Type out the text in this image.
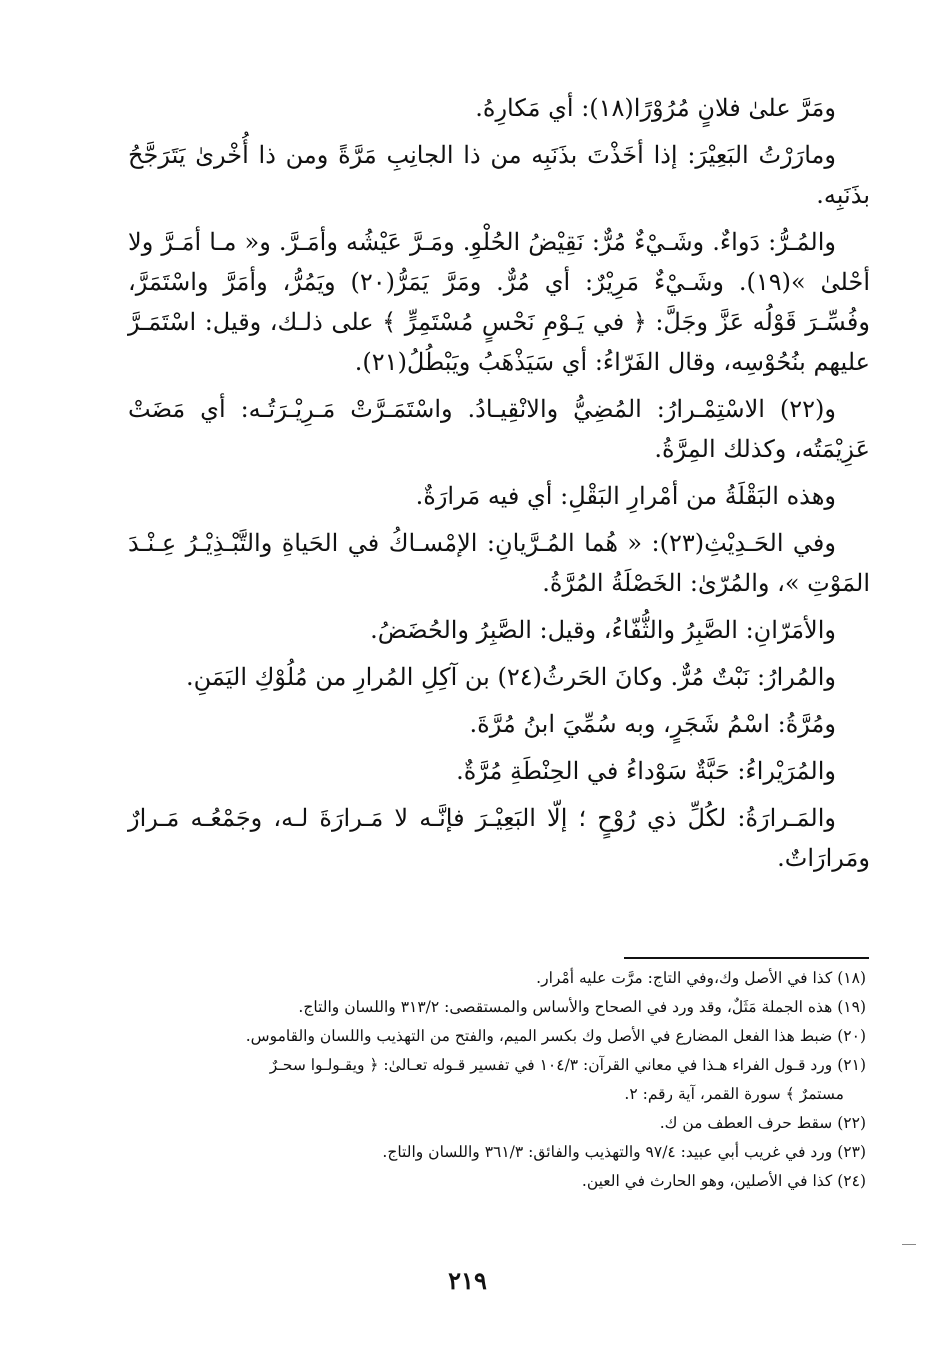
ومَرَّ علىٰ فلانٍ مُرُوْرًا(١٨): أي مَكارِهُ.

ومارَرْتُ البَعِيْرَ: إذا أخَذْتَ بذَنَبِه من ذا الجانِبِ مَرَّةً ومن ذا أُخْرىٰ يَتَرَجَّحُ بذَنَبِه.

والمُـرُّ: دَواءٌ. وشَـيْءٌ مُرٌّ: نَقِيْضُ الحُلْوِ. ومَـرَّ عَيْشُه وأمَـرَّ. و« مـا أمَـرَّ ولا أحْلىٰ »(١٩). وشَـيْءٌ مَرِيْرٌ: أي مُرٌّ. ومَرَّ يَمَرُّ(٢٠) ويَمُرُّ، وأمَرَّ واسْتَمَرَّ، وفُسِّـرَ قَوْلُه عَزَّ وجَلَّ: ﴿ في يَـوْمِ نَحْسٍ مُسْتَمِرٍّ ﴾ على ذلـك، وقيل: اسْتَمَـرَّ عليهم بنُحُوْسِه، وقال الفَرّاءُ: أي سَيَذْهَبُ ويَبْطُلُ(٢١).

و(٢٢) الاسْتِمْـرارُ: المُضِيُّ والانْقِيـادُ. واسْتَمَـرَّتْ مَـرِيْـرَتُـه: أي مَضَتْ عَزِيْمَتُه، وكذلك المِرَّةُ.

وهذه البَقْلَةُ من أمْرارِ البَقْلِ: أي فيه مَرارَةٌ.

وفي الحَـدِيْثِ(٢٣): « هُما المُـرَّيانِ: الإمْسـاكُ في الحَياةِ والتَّبْـذِيْـرُ عِـنْـدَ المَوْتِ »، والمُرّىٰ: الخَصْلَةُ المُرَّةُ.

والأمَرّانِ: الصَّبِرُ والثُّفّاءُ، وقيل: الصَّبِرُ والحُضَضُ.

والمُرارُ: نَبْتٌ مُرٌّ. وكانَ الحَرثُ(٢٤) بن آكِلِ المُرارِ من مُلُوْكِ اليَمَنِ.

ومُرَّةُ: اسْمُ شَجَرٍ، وبه سُمِّيَ ابنُ مُرَّةَ.

والمُرَيْراءُ: حَبَّةٌ سَوْداءُ في الحِنْطَةِ مُرَّةٌ.

والمَـرارَةُ: لكُلِّ ذي رُوْحٍ ؛ إلّا البَعِيْـرَ فإنَّـه لا مَـرارَةَ لـه، وجَمْعُـه مَـرارٌ ومَرارَاتٌ.

(١٨) كذا في الأصل وك،وفي التاج: مرَّت عليه أمْرار.

(١٩) هذه الجملة مَثَلٌ، وقد ورد في الصحاح والأساس والمستقصى: ٣١٣/٢ واللسان والتاج.

(٢٠) ضبط هذا الفعل المضارع في الأصل وك بكسر الميم، والفتح من التهذيب واللسان والقاموس.

(٢١) ورد قـول الفراء هـذا في معاني القرآن: ١٠٤/٣ في تفسير قـوله تعـالىٰ: ﴿ ويقـولـوا سحـرٌ
مستمرٌ ﴾ سورة القمر، آية رقم: ٢.

(٢٢) سقط حرف العطف من ك.

(٢٣) ورد في غريب أبي عبيد: ٩٧/٤ والتهذيب والفائق: ٣٦١/٣ واللسان والتاج.

(٢٤) كذا في الأصلين، وهو الحارث في العين.

٢١٩
